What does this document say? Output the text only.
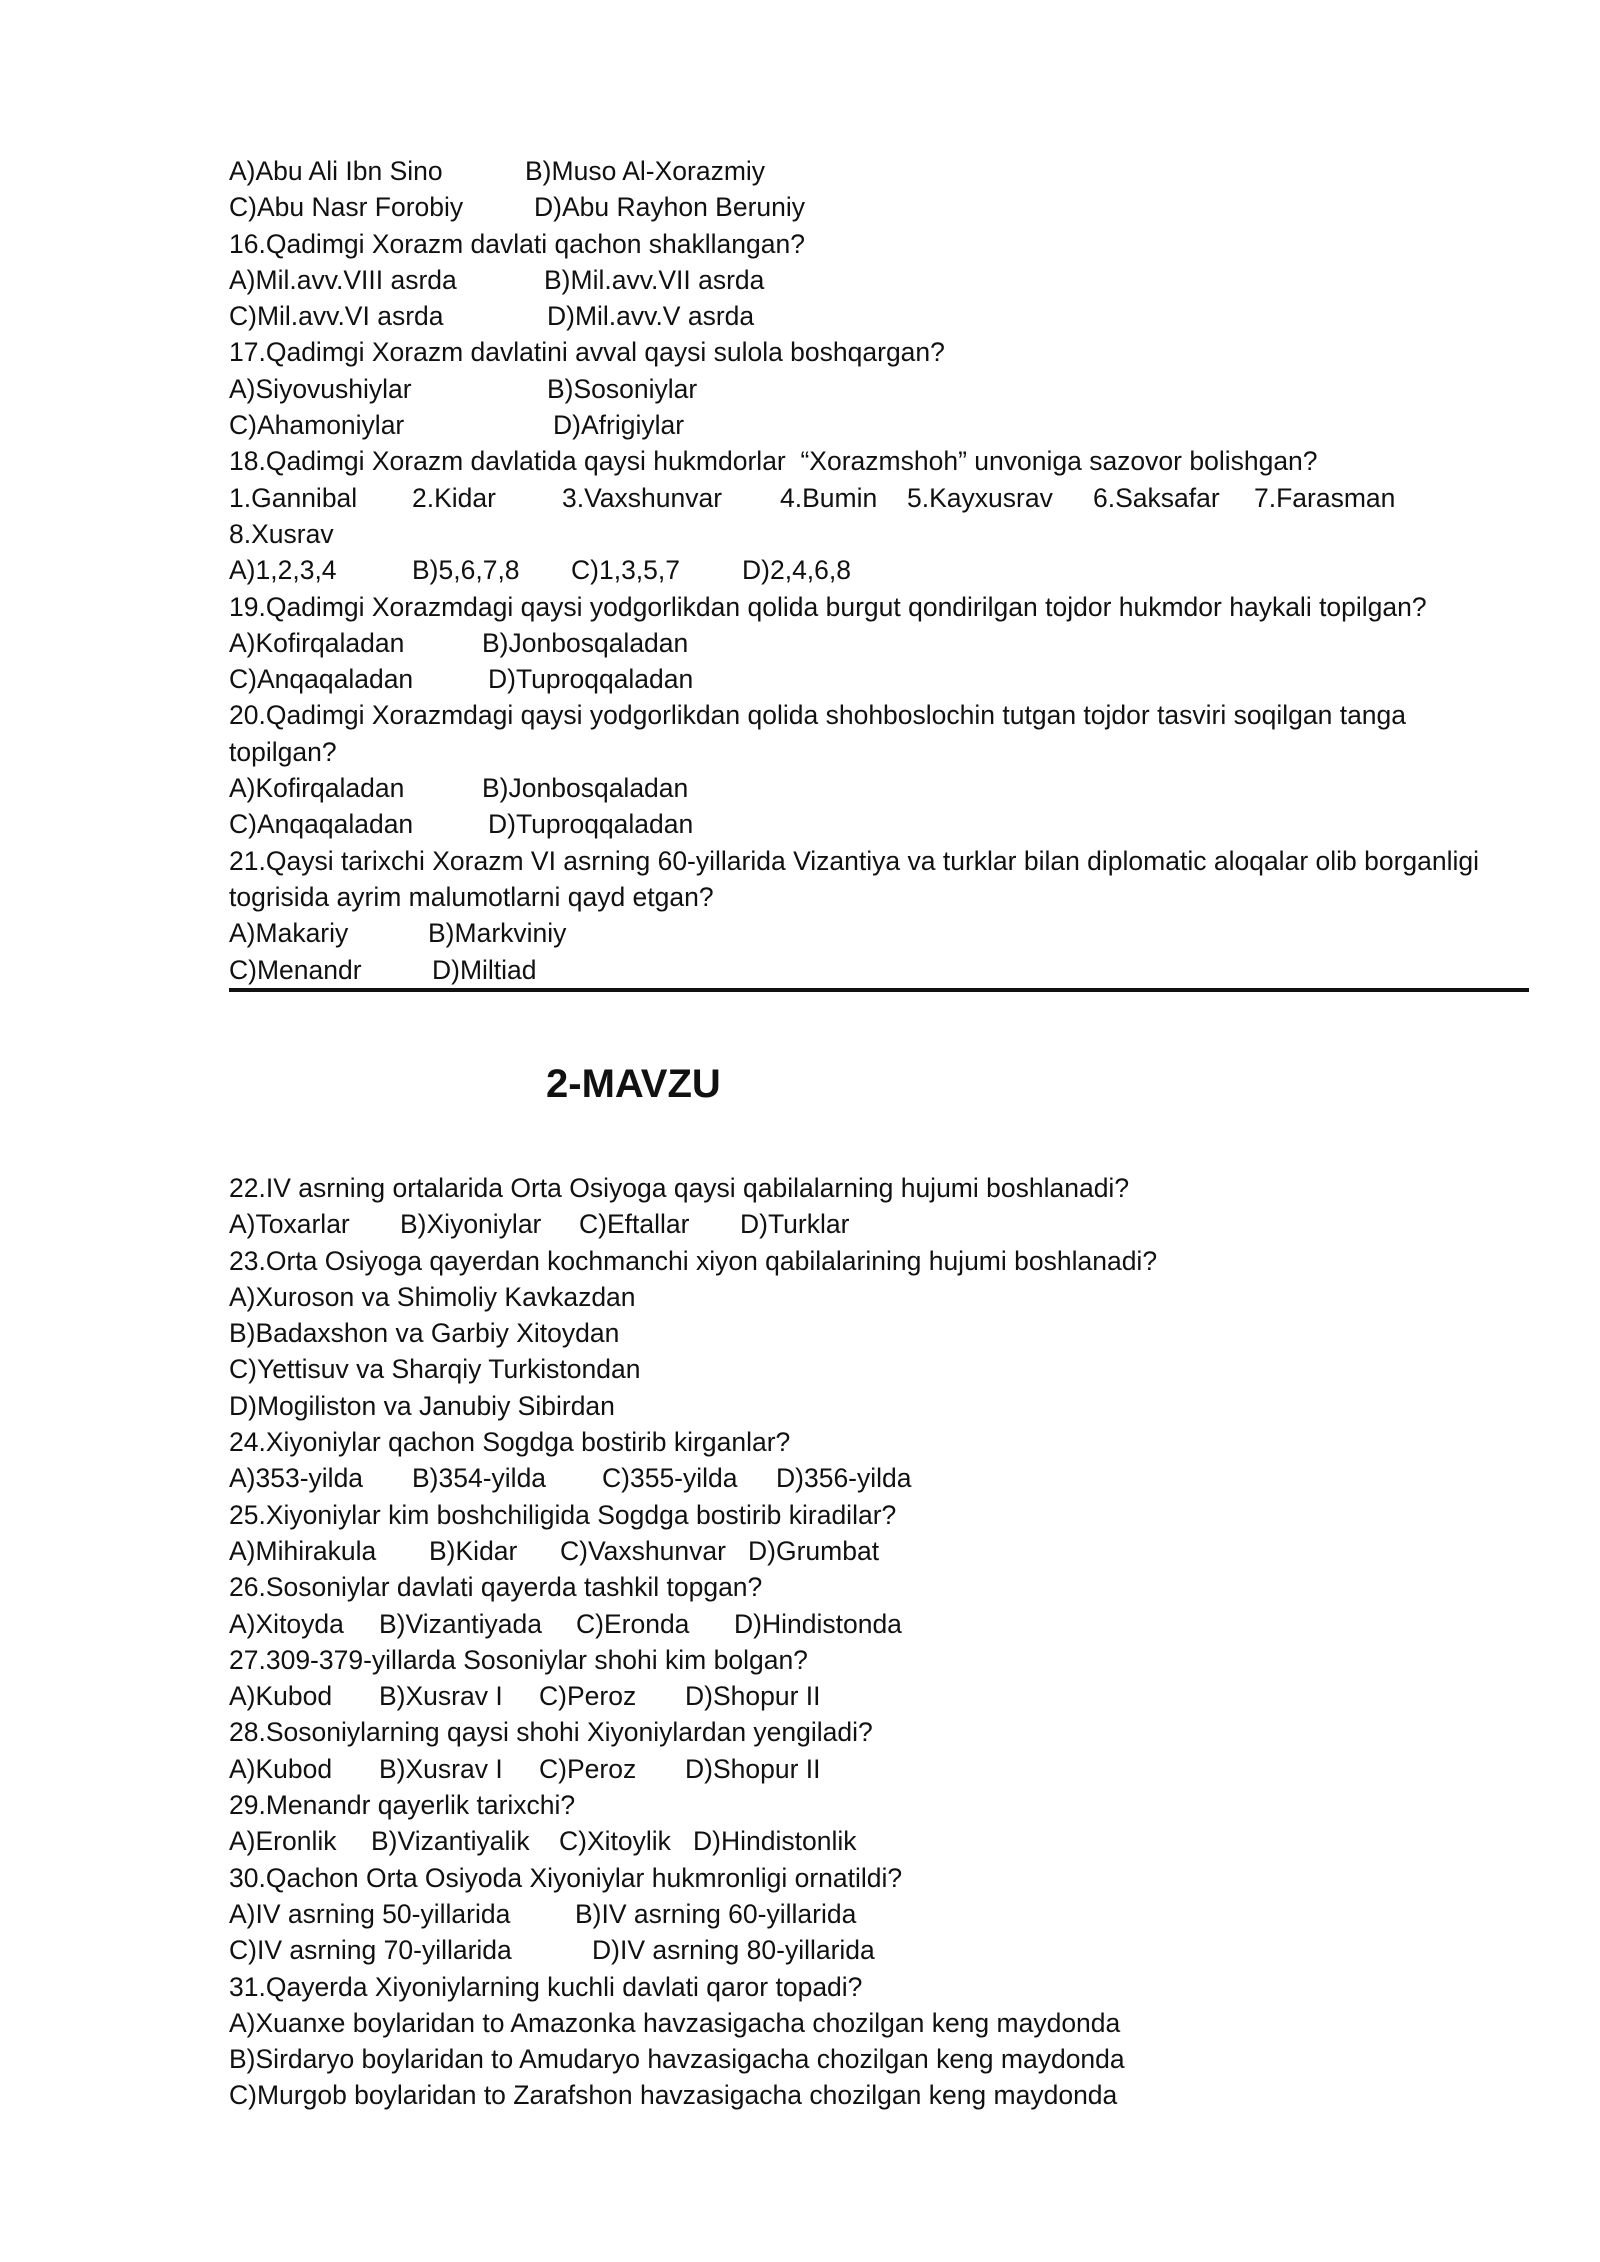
A)Abu Ali Ibn Sino	B)Muso Al-Xorazmiy
C)Abu Nasr Forobiy	D)Abu Rayhon Beruniy
16.Qadimgi Xorazm davlati qachon shakllangan?
A)Mil.avv.VIII asrda	B)Mil.avv.VII asrda
C)Mil.avv.VI asrda	D)Mil.avv.V asrda
17.Qadimgi Xorazm davlatini avval qaysi sulola boshqargan?
A)Siyovushiylar	B)Sosoniylar
C)Ahamoniylar	D)Afrigiylar
18.Qadimgi Xorazm davlatida qaysi hukmdorlar  “Xorazmshoh” unvoniga sazovor bolishgan?
1.Gannibal 2.Kidar 3.Vaxshunvar 4.Bumin 5.Kayxusrav 6.Saksafar 7.Farasman
8.Xusrav
A)1,2,3,4	B)5,6,7,8 C)1,3,5,7 D)2,4,6,8
19.Qadimgi Xorazmdagi qaysi yodgorlikdan qolida burgut qondirilgan tojdor hukmdor haykali topilgan?
A)Kofirqaladan	B)Jonbosqaladan
C)Anqaqaladan	D)Tuproqqaladan
20.Qadimgi Xorazmdagi qaysi yodgorlikdan qolida shohboslochin tutgan tojdor tasviri soqilgan tanga
topilgan?
A)Kofirqaladan	B)Jonbosqaladan
C)Anqaqaladan	D)Tuproqqaladan
21.Qaysi tarixchi Xorazm VI asrning 60-yillarida Vizantiya va turklar bilan diplomatic aloqalar olib borganligi
togrisida ayrim malumotlarni qayd etgan?
A)Makariy	B)Markviniy
C)Menandr	D)Miltiad
2-MAVZU
22.IV asrning ortalarida Orta Osiyoga qaysi qabilalarning hujumi boshlanadi?
A)Toxarlar B)Xiyoniylar C)Eftallar D)Turklar
23.Orta Osiyoga qayerdan kochmanchi xiyon qabilalarining hujumi boshlanadi?
A)Xuroson va Shimoliy Kavkazdan
B)Badaxshon va Garbiy Xitoydan
C)Yettisuv va Sharqiy Turkistondan
D)Mogiliston va Janubiy Sibirdan
24.Xiyoniylar qachon Sogdga bostirib kirganlar?
A)353-yilda B)354-yilda C)355-yilda D)356-yilda
25.Xiyoniylar kim boshchiligida Sogdga bostirib kiradilar?
A)Mihirakula B)Kidar C)Vaxshunvar D)Grumbat
26.Sosoniylar davlati qayerda tashkil topgan?
A)Xitoyda B)Vizantiyada C)Eronda D)Hindistonda
27.309-379-yillarda Sosoniylar shohi kim bolgan?
A)Kubod B)Xusrav I C)Peroz D)Shopur II
28.Sosoniylarning qaysi shohi Xiyoniylardan yengiladi?
A)Kubod B)Xusrav I C)Peroz D)Shopur II
29.Menandr qayerlik tarixchi?
A)Eronlik B)Vizantiyalik C)Xitoylik D)Hindistonlik
30.Qachon Orta Osiyoda Xiyoniylar hukmronligi ornatildi?
A)IV asrning 50-yillarida B)IV asrning 60-yillarida
C)IV asrning 70-yillarida	D)IV asrning 80-yillarida
31.Qayerda Xiyoniylarning kuchli davlati qaror topadi?
A)Xuanxe boylaridan to Amazonka havzasigacha chozilgan keng maydonda
B)Sirdaryo boylaridan to Amudaryo havzasigacha chozilgan keng maydonda
C)Murgob boylaridan to Zarafshon havzasigacha chozilgan keng maydonda
